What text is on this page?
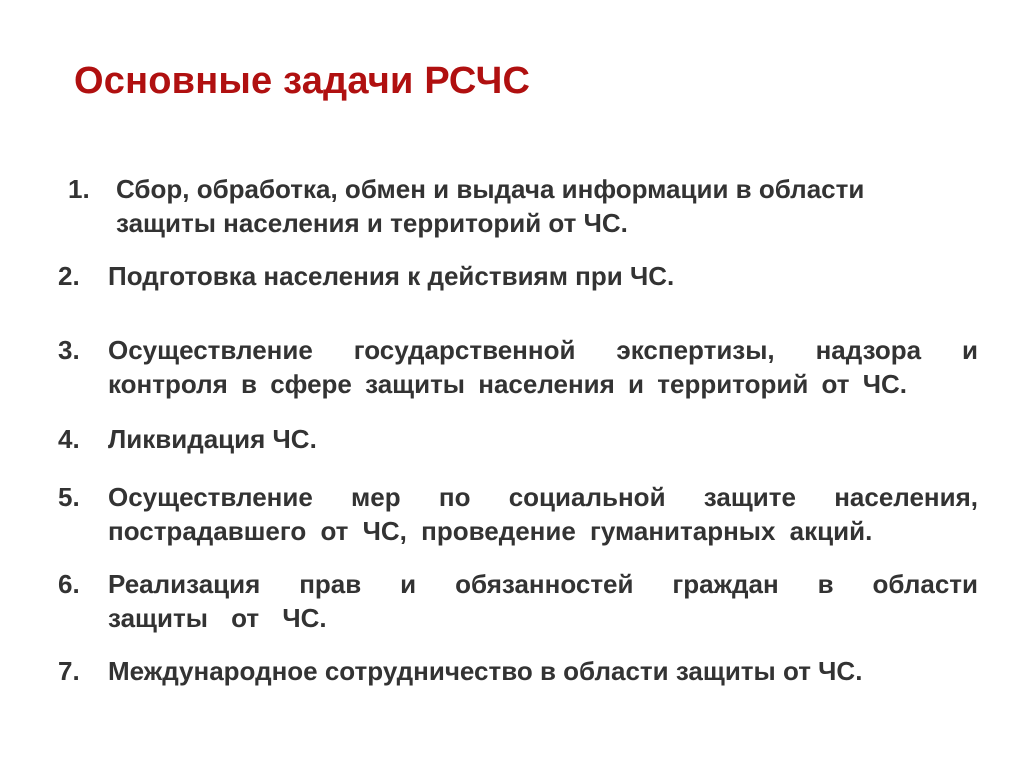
Основные задачи РСЧС
1. Сбор, обработка, обмен и выдача информации в области
защиты населения и территорий от ЧС.
2. Подготовка населения к действиям при ЧС.
3. Осуществление государственной экспертизы, надзора и контроля в сфере защиты населения и территорий от ЧС.
4. Ликвидация ЧС.
5. Осуществление мер по социальной защите населения, пострадавшего от ЧС, проведение гуманитарных акций.
6. Реализация прав и обязанностей граждан в области защиты от ЧС.
7. Международное сотрудничество в области защиты от ЧС.
